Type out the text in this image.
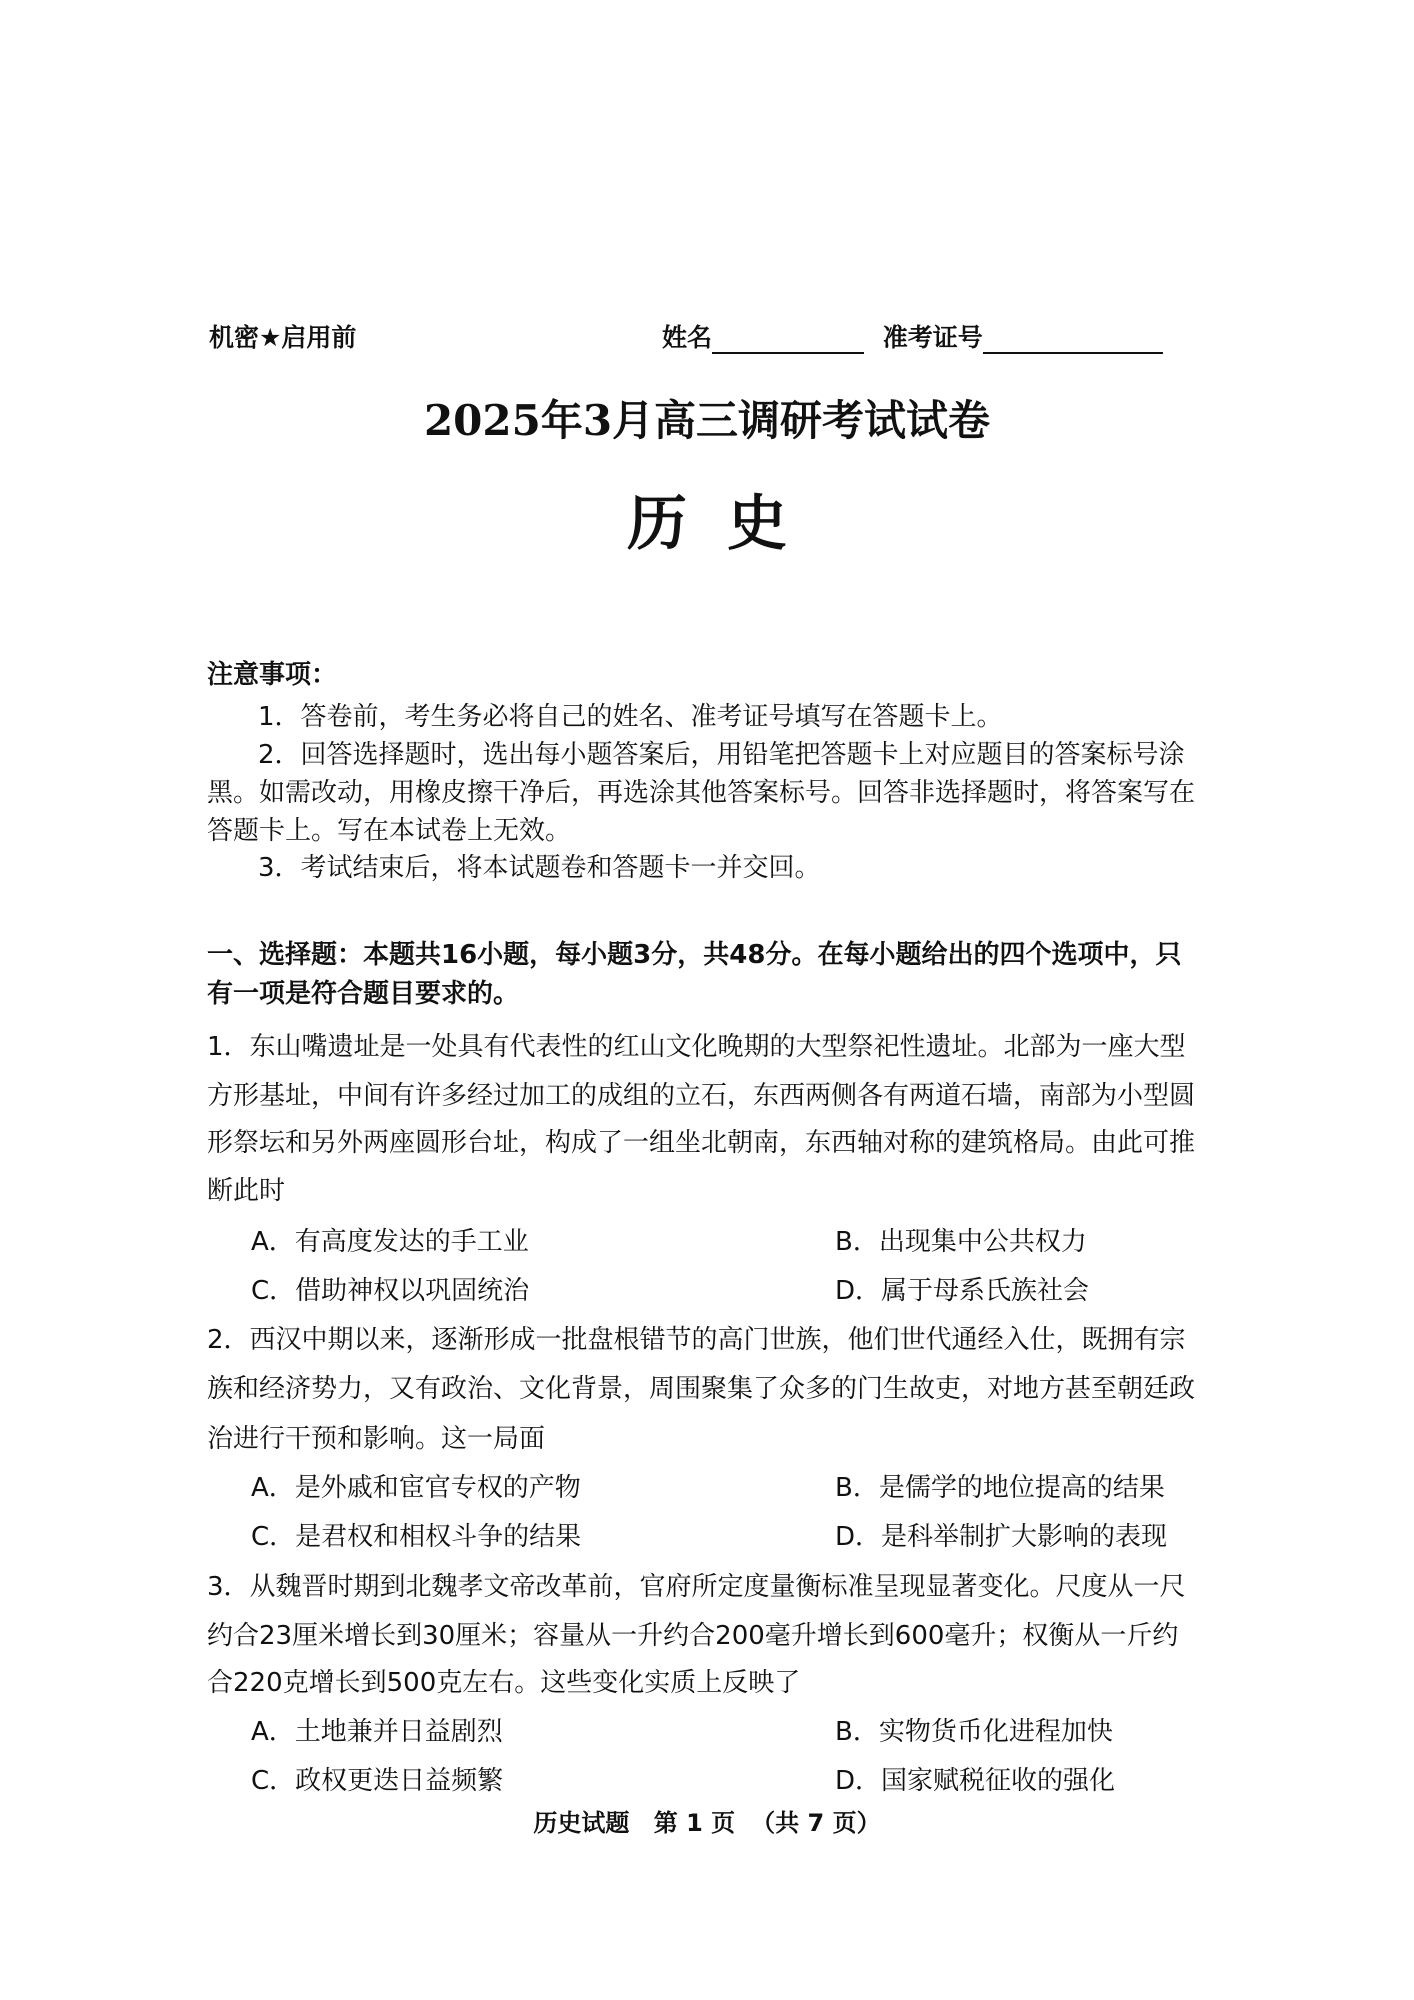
机密★启用前	姓名	准考证号
2025年3月高三调研考试试卷
历史
注意事项：
1．答卷前，考生务必将自己的姓名、准考证号填写在答题卡上。
2．回答选择题时，选出每小题答案后，用铅笔把答题卡上对应题目的答案标号涂
黑。如需改动，用橡皮擦干净后，再选涂其他答案标号。回答非选择题时，将答案写在
答题卡上。写在本试卷上无效。
3．考试结束后，将本试题卷和答题卡一并交回。
一、选择题：本题共16小题，每小题3分，共48分。在每小题给出的四个选项中，只
有一项是符合题目要求的。
1．东山嘴遗址是一处具有代表性的红山文化晚期的大型祭祀性遗址。北部为一座大型
方形基址，中间有许多经过加工的成组的立石，东西两侧各有两道石墙，南部为小型圆
形祭坛和另外两座圆形台址，构成了一组坐北朝南，东西轴对称的建筑格局。由此可推
断此时
A．有高度发达的手工业	B．出现集中公共权力
C．借助神权以巩固统治	D．属于母系氏族社会
2．西汉中期以来，逐渐形成一批盘根错节的高门世族，他们世代通经入仕，既拥有宗
族和经济势力，又有政治、文化背景，周围聚集了众多的门生故吏，对地方甚至朝廷政
治进行干预和影响。这一局面
A．是外戚和宦官专权的产物	B．是儒学的地位提高的结果
C．是君权和相权斗争的结果	D．是科举制扩大影响的表现
3．从魏晋时期到北魏孝文帝改革前，官府所定度量衡标准呈现显著变化。尺度从一尺
约合23厘米增长到30厘米；容量从一升约合200毫升增长到600毫升；权衡从一斤约
合220克增长到500克左右。这些变化实质上反映了
A．土地兼并日益剧烈	B．实物货币化进程加快
C．政权更迭日益频繁	D．国家赋税征收的强化
历史试题 第 1 页 （共 7 页）
